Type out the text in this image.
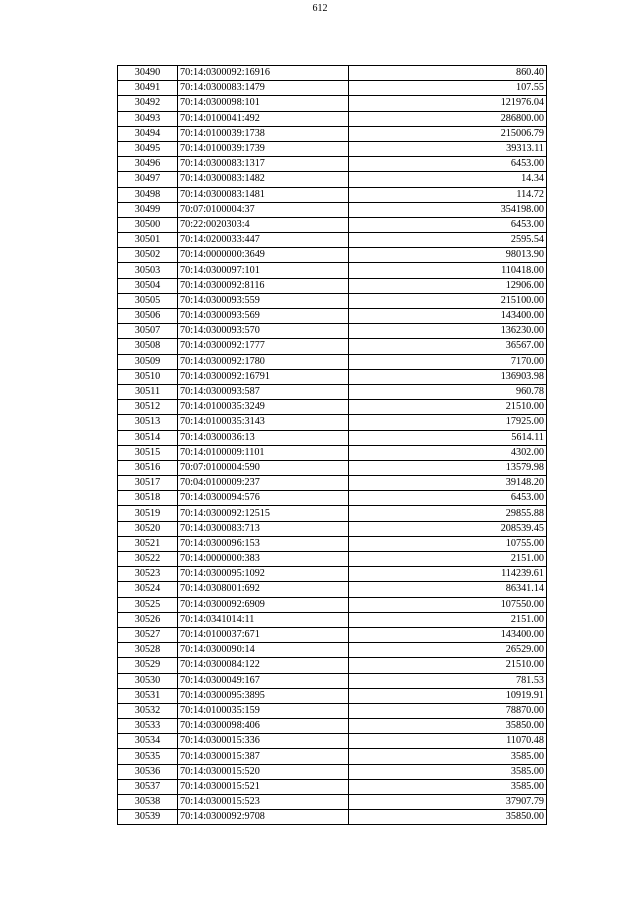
612
30490	70:14:0300092:16916	860.40
30491	70:14:0300083:1479	107.55
30492	70:14:0300098:101	121976.04
30493	70:14:0100041:492	286800.00
30494	70:14:0100039:1738	215006.79
30495	70:14:0100039:1739	39313.11
30496	70:14:0300083:1317	6453.00
30497	70:14:0300083:1482	14.34
30498	70:14:0300083:1481	114.72
30499	70:07:0100004:37	354198.00
30500	70:22:0020303:4	6453.00
30501	70:14:0200033:447	2595.54
30502	70:14:0000000:3649	98013.90
30503	70:14:0300097:101	110418.00
30504	70:14:0300092:8116	12906.00
30505	70:14:0300093:559	215100.00
30506	70:14:0300093:569	143400.00
30507	70:14:0300093:570	136230.00
30508	70:14:0300092:1777	36567.00
30509	70:14:0300092:1780	7170.00
30510	70:14:0300092:16791	136903.98
30511	70:14:0300093:587	960.78
30512	70:14:0100035:3249	21510.00
30513	70:14:0100035:3143	17925.00
30514	70:14:0300036:13	5614.11
30515	70:14:0100009:1101	4302.00
30516	70:07:0100004:590	13579.98
30517	70:04:0100009:237	39148.20
30518	70:14:0300094:576	6453.00
30519	70:14:0300092:12515	29855.88
30520	70:14:0300083:713	208539.45
30521	70:14:0300096:153	10755.00
30522	70:14:0000000:383	2151.00
30523	70:14:0300095:1092	114239.61
30524	70:14:0308001:692	86341.14
30525	70:14:0300092:6909	107550.00
30526	70:14:0341014:11	2151.00
30527	70:14:0100037:671	143400.00
30528	70:14:0300090:14	26529.00
30529	70:14:0300084:122	21510.00
30530	70:14:0300049:167	781.53
30531	70:14:0300095:3895	10919.91
30532	70:14:0100035:159	78870.00
30533	70:14:0300098:406	35850.00
30534	70:14:0300015:336	11070.48
30535	70:14:0300015:387	3585.00
30536	70:14:0300015:520	3585.00
30537	70:14:0300015:521	3585.00
30538	70:14:0300015:523	37907.79
30539	70:14:0300092:9708	35850.00
